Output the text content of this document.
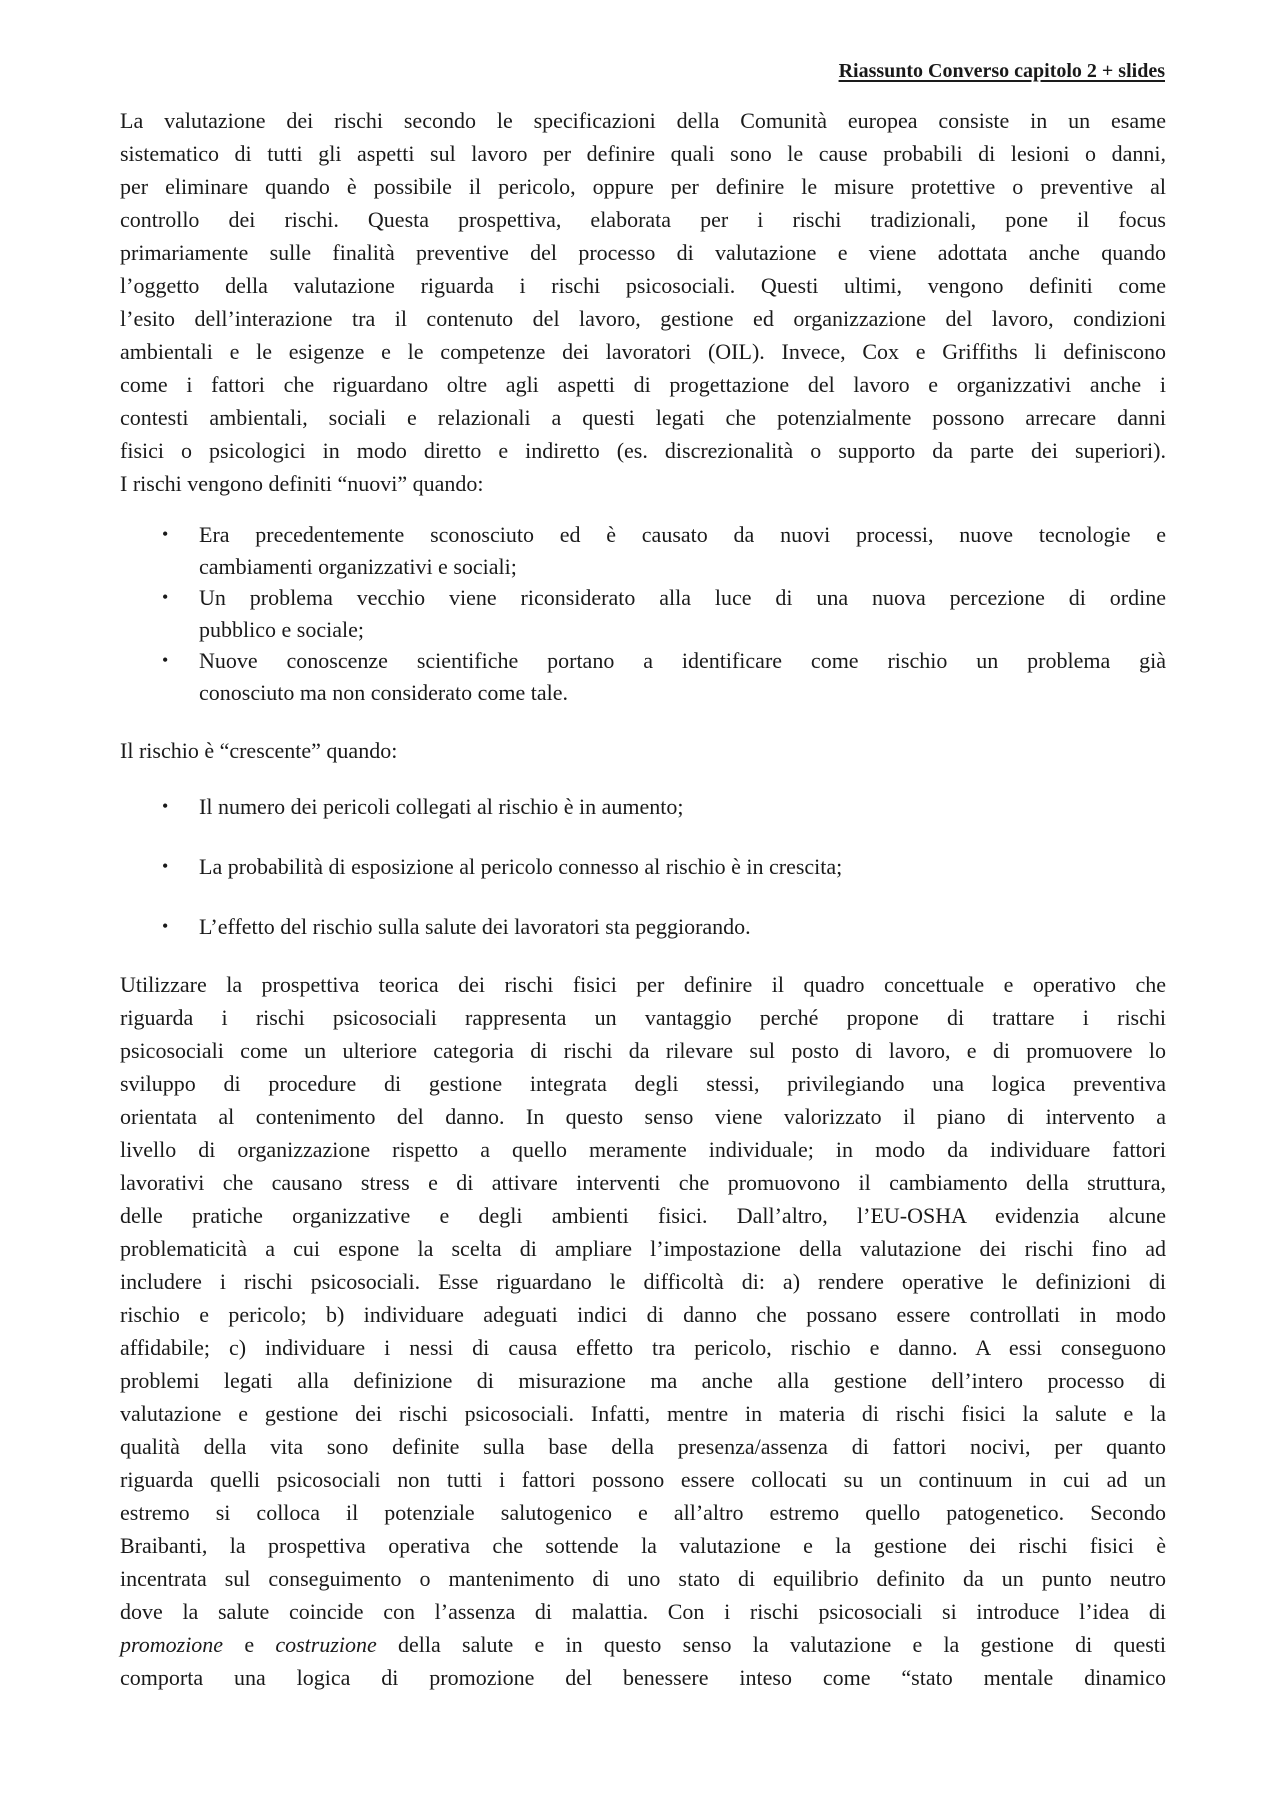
Riassunto Converso capitolo 2 + slides
La valutazione dei rischi secondo le specificazioni della Comunità europea consiste in un esame
sistematico di tutti gli aspetti sul lavoro per definire quali sono le cause probabili di lesioni o danni,
per eliminare quando è possibile il pericolo, oppure per definire le misure protettive o preventive al
controllo dei rischi. Questa prospettiva, elaborata per i rischi tradizionali, pone il focus
primariamente sulle finalità preventive del processo di valutazione e viene adottata anche quando
l’oggetto della valutazione riguarda i rischi psicosociali. Questi ultimi, vengono definiti come
l’esito dell’interazione tra il contenuto del lavoro, gestione ed organizzazione del lavoro, condizioni
ambientali e le esigenze e le competenze dei lavoratori (OIL). Invece, Cox e Griffiths li definiscono
come i fattori che riguardano oltre agli aspetti di progettazione del lavoro e organizzativi anche i
contesti ambientali, sociali e relazionali a questi legati che potenzialmente possono arrecare danni
fisici o psicologici in modo diretto e indiretto (es. discrezionalità o supporto da parte dei superiori).
I rischi vengono definiti “nuovi” quando:
• Era precedentemente sconosciuto ed è causato da nuovi processi, nuove tecnologie e
cambiamenti organizzativi e sociali;
• Un problema vecchio viene riconsiderato alla luce di una nuova percezione di ordine
pubblico e sociale;
• Nuove conoscenze scientifiche portano a identificare come rischio un problema già
conosciuto ma non considerato come tale.
Il rischio è “crescente” quando:
• Il numero dei pericoli collegati al rischio è in aumento;
• La probabilità di esposizione al pericolo connesso al rischio è in crescita;
• L’effetto del rischio sulla salute dei lavoratori sta peggiorando.
Utilizzare la prospettiva teorica dei rischi fisici per definire il quadro concettuale e operativo che
riguarda i rischi psicosociali rappresenta un vantaggio perché propone di trattare i rischi
psicosociali come un ulteriore categoria di rischi da rilevare sul posto di lavoro, e di promuovere lo
sviluppo di procedure di gestione integrata degli stessi, privilegiando una logica preventiva
orientata al contenimento del danno. In questo senso viene valorizzato il piano di intervento a
livello di organizzazione rispetto a quello meramente individuale; in modo da individuare fattori
lavorativi che causano stress e di attivare interventi che promuovono il cambiamento della struttura,
delle pratiche organizzative e degli ambienti fisici. Dall’altro, l’EU-OSHA evidenzia alcune
problematicità a cui espone la scelta di ampliare l’impostazione della valutazione dei rischi fino ad
includere i rischi psicosociali. Esse riguardano le difficoltà di: a) rendere operative le definizioni di
rischio e pericolo; b) individuare adeguati indici di danno che possano essere controllati in modo
affidabile; c) individuare i nessi di causa effetto tra pericolo, rischio e danno. A essi conseguono
problemi legati alla definizione di misurazione ma anche alla gestione dell’intero processo di
valutazione e gestione dei rischi psicosociali. Infatti, mentre in materia di rischi fisici la salute e la
qualità della vita sono definite sulla base della presenza/assenza di fattori nocivi, per quanto
riguarda quelli psicosociali non tutti i fattori possono essere collocati su un continuum in cui ad un
estremo si colloca il potenziale salutogenico e all’altro estremo quello patogenetico. Secondo
Braibanti, la prospettiva operativa che sottende la valutazione e la gestione dei rischi fisici è
incentrata sul conseguimento o mantenimento di uno stato di equilibrio definito da un punto neutro
dove la salute coincide con l’assenza di malattia. Con i rischi psicosociali si introduce l’idea di
promozione e costruzione della salute e in questo senso la valutazione e la gestione di questi
comporta una logica di promozione del benessere inteso come “stato mentale dinamico
